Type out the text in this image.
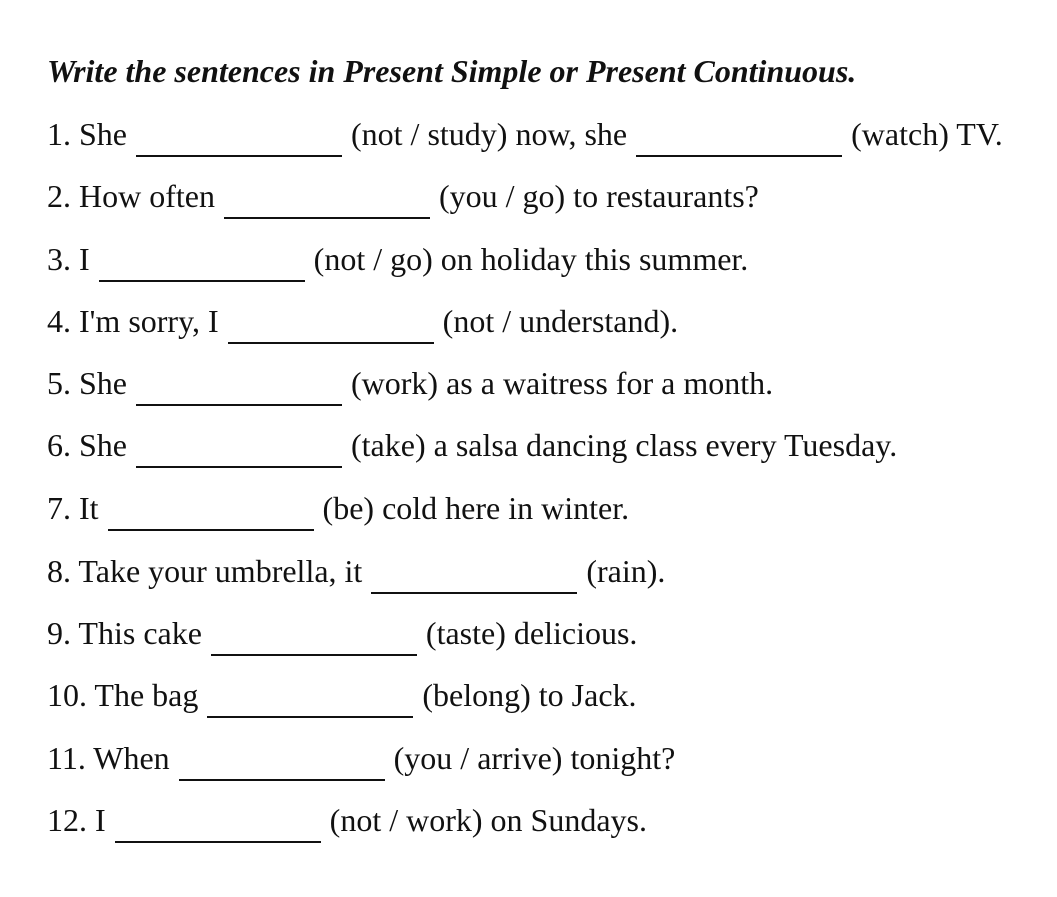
Write the sentences in Present Simple or Present Continuous.
1. She	(not / study) now, she	(watch) TV.
2. How often	(you / go) to restaurants?
3. I	(not / go) on holiday this summer.
4. I'm sorry, I	(not / understand).
5. She	(work) as a waitress for a month.
6. She	(take) a salsa dancing class every Tuesday.
7. It	(be) cold here in winter.
8. Take your umbrella, it	(rain).
9. This cake	(taste) delicious.
10. The bag	(belong) to Jack.
11. When	(you / arrive) tonight?
12. I	(not / work) on Sundays.
